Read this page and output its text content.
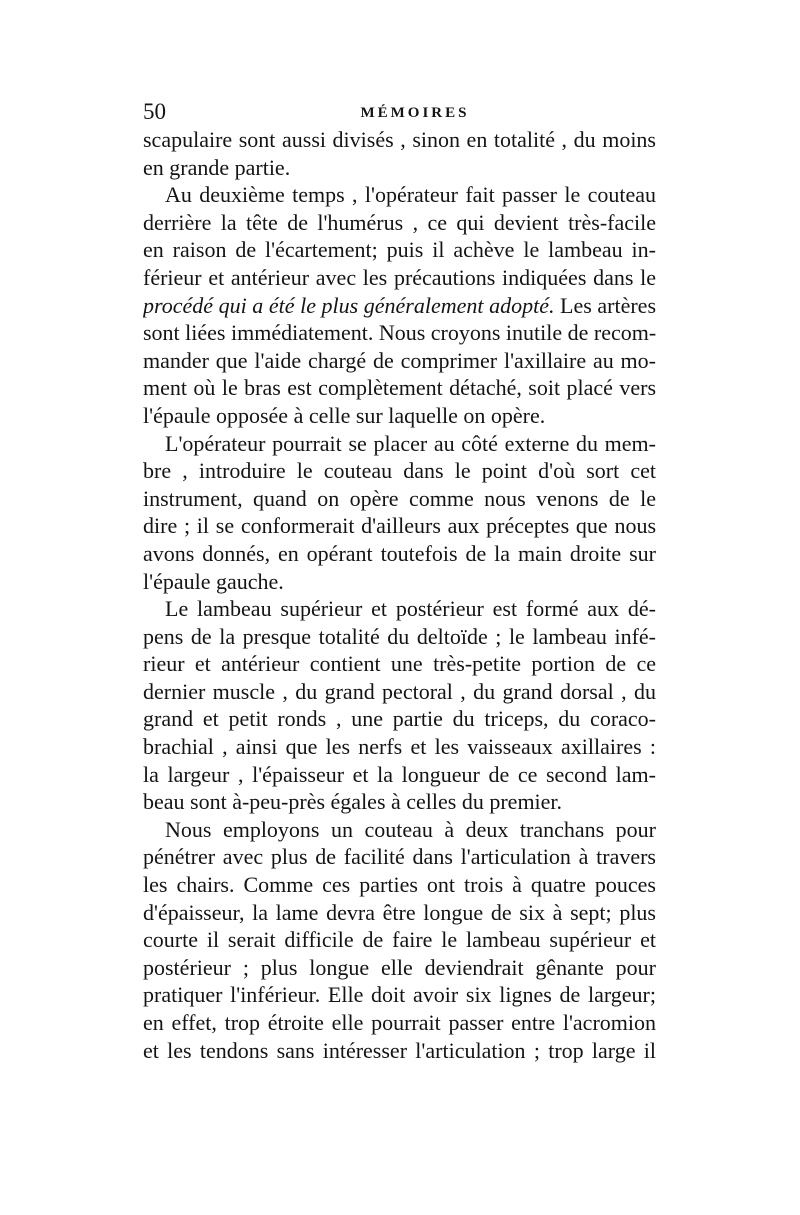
50	MÉMOIRES
scapulaire sont aussi divisés , sinon en totalité , du moins
en grande partie.
Au deuxième temps , l'opérateur fait passer le couteau
derrière la tête de l'humérus , ce qui devient très-facile
en raison de l'écartement; puis il achève le lambeau in-
férieur et antérieur avec les précautions indiquées dans le
procédé qui a été le plus généralement adopté. Les artères
sont liées immédiatement. Nous croyons inutile de recom-
mander que l'aide chargé de comprimer l'axillaire au mo-
ment où le bras est complètement détaché, soit placé vers
l'épaule opposée à celle sur laquelle on opère.
L'opérateur pourrait se placer au côté externe du mem-
bre , introduire le couteau dans le point d'où sort cet
instrument, quand on opère comme nous venons de le
dire ; il se conformerait d'ailleurs aux préceptes que nous
avons donnés, en opérant toutefois de la main droite sur
l'épaule gauche.
Le lambeau supérieur et postérieur est formé aux dé-
pens de la presque totalité du deltoïde ; le lambeau infé-
rieur et antérieur contient une très-petite portion de ce
dernier muscle , du grand pectoral , du grand dorsal , du
grand et petit ronds , une partie du triceps, du coraco-
brachial , ainsi que les nerfs et les vaisseaux axillaires :
la largeur , l'épaisseur et la longueur de ce second lam-
beau sont à-peu-près égales à celles du premier.
Nous employons un couteau à deux tranchans pour
pénétrer avec plus de facilité dans l'articulation à travers
les chairs. Comme ces parties ont trois à quatre pouces
d'épaisseur, la lame devra être longue de six à sept; plus
courte il serait difficile de faire le lambeau supérieur et
postérieur ; plus longue elle deviendrait gênante pour
pratiquer l'inférieur. Elle doit avoir six lignes de largeur;
en effet, trop étroite elle pourrait passer entre l'acromion
et les tendons sans intéresser l'articulation ; trop large il
